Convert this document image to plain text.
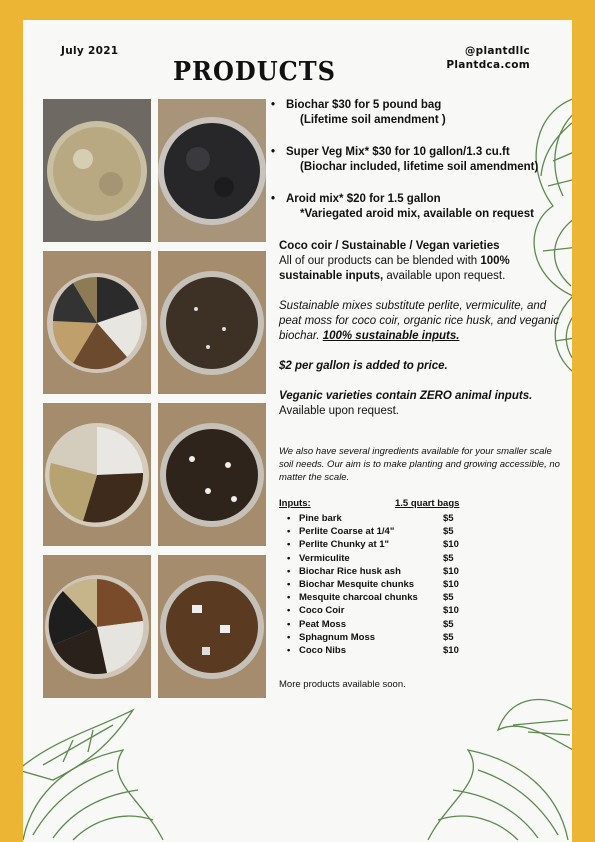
July 2021
PRODUCTS
@plantdllc
Plantdca.com
• Biochar $30 for 5 pound bag
(Lifetime soil amendment )
• Super Veg Mix* $30 for 10 gallon/1.3 cu.ft
(Biochar included, lifetime soil amendment)
• Aroid mix* $20 for 1.5 gallon
*Variegated aroid mix, available on request

Coco coir / Sustainable / Vegan varieties

All of our products can be blended with 100% sustainable inputs, available upon request.

Sustainable mixes substitute perlite, vermiculite, and peat moss for coco coir, organic rice husk, and veganic biochar. 100% sustainable inputs.

$2 per gallon is added to price.

Veganic varieties contain ZERO animal inputs.

Available upon request.

We also have several ingredients available for your smaller scale soil needs. Our aim is to make planting and growing accessible, no matter the scale.

Inputs:	1.5 quart bags
• Pine bark	$5
• Perlite Coarse at 1/4"	$5
• Perlite Chunky at 1"	$10
• Vermiculite	$5
• Biochar Rice husk ash	$10
• Biochar Mesquite chunks	$10
• Mesquite charcoal chunks	$5
• Coco Coir	$10
• Peat Moss	$5
• Sphagnum Moss	$5
• Coco Nibs	$10
More products available soon.
